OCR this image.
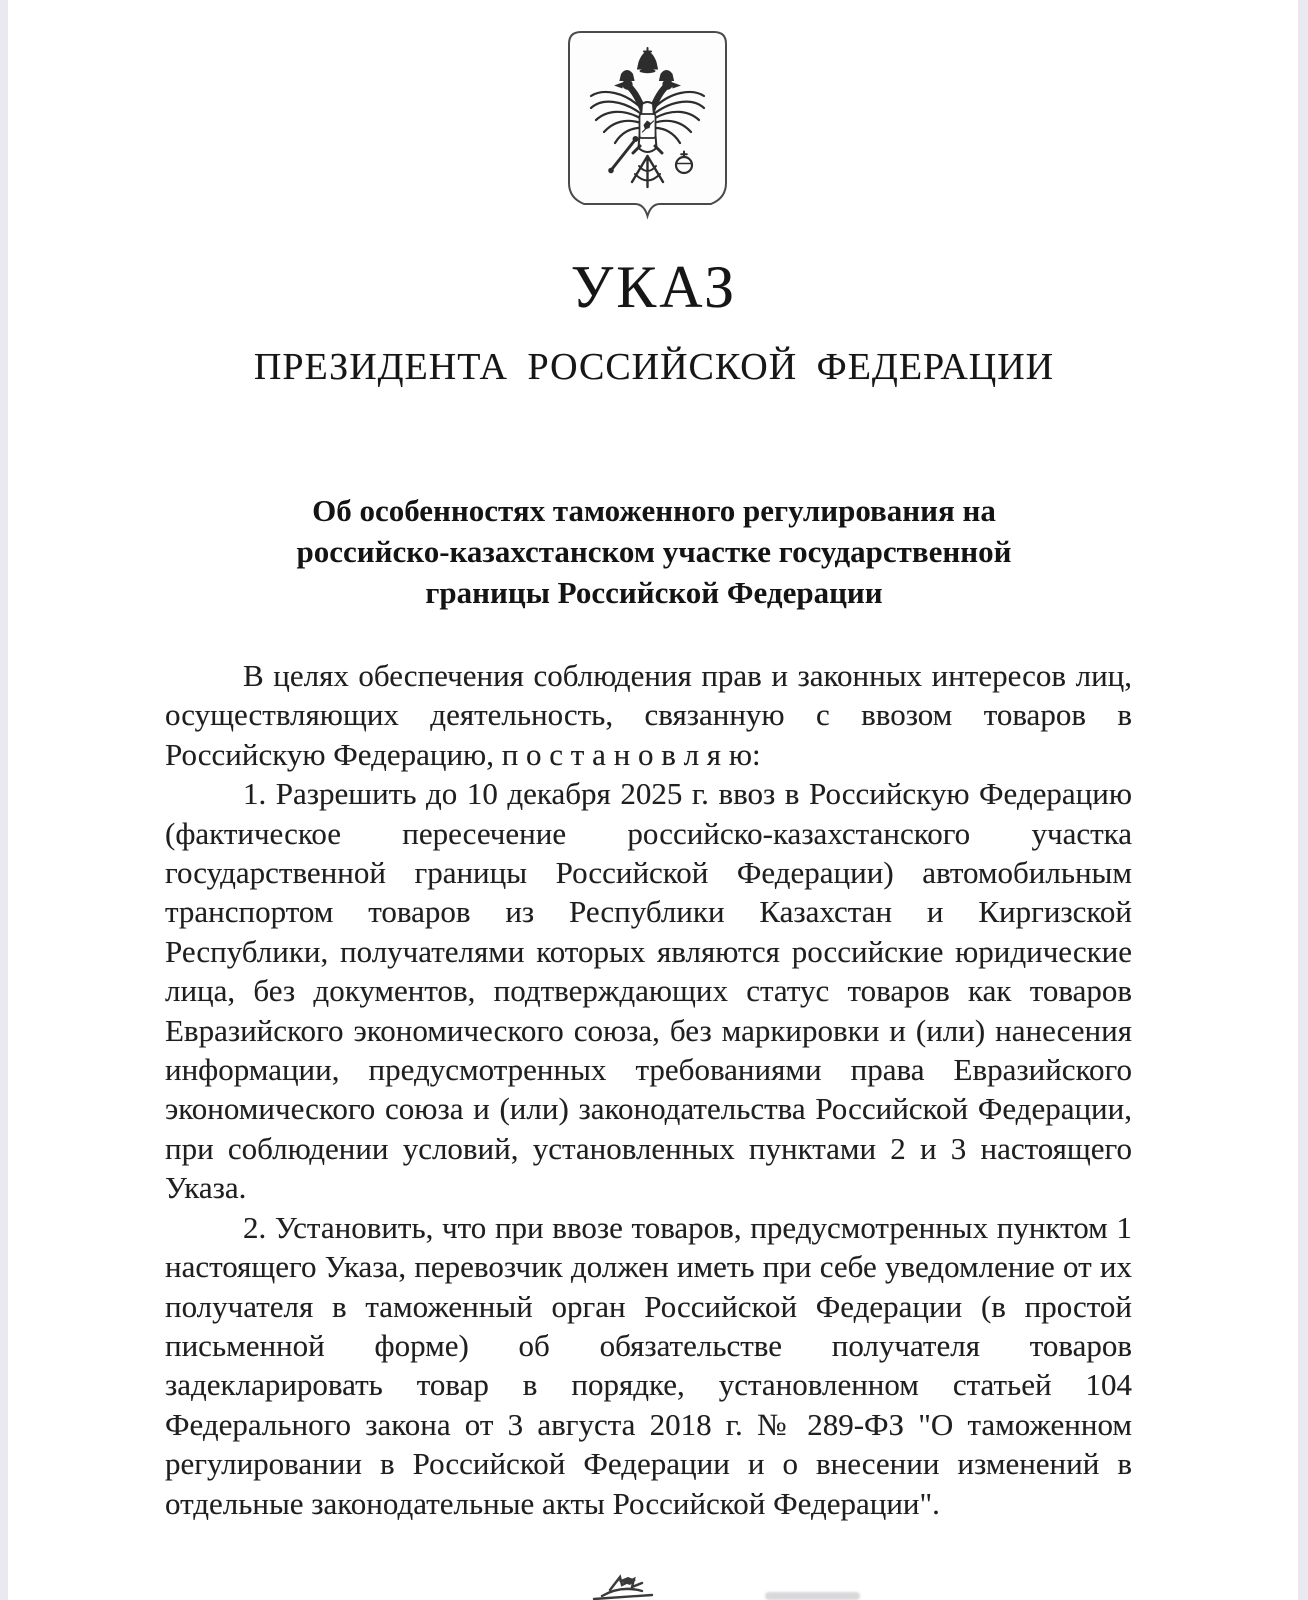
УКАЗ
ПРЕЗИДЕНТА РОССИЙСКОЙ ФЕДЕРАЦИИ
Об особенностях таможенного регулирования на
российско-казахстанском участке государственной
границы Российской Федерации

В целях обеспечения соблюдения прав и законных интересов лиц, осуществляющих деятельность, связанную с ввозом товаров в Российскую Федерацию, п о с т а н о в л я ю:

1. Разрешить до 10 декабря 2025 г. ввоз в Российскую Федерацию (фактическое пересечение российско-казахстанского участка государственной границы Российской Федерации) автомобильным транспортом товаров из Республики Казахстан и Киргизской Республики, получателями которых являются российские юридические лица, без документов, подтверждающих статус товаров как товаров Евразийского экономического союза, без маркировки и (или) нанесения информации, предусмотренных требованиями права Евразийского экономического союза и (или) законодательства Российской Федерации, при соблюдении условий, установленных пунктами 2 и 3 настоящего Указа.

2. Установить, что при ввозе товаров, предусмотренных пунктом 1 настоящего Указа, перевозчик должен иметь при себе уведомление от их получателя в таможенный орган Российской Федерации (в простой письменной форме) об обязательстве получателя товаров задекларировать товар в порядке, установленном статьей 104 Федерального закона от 3 августа 2018 г. № 289-ФЗ "О таможенном регулировании в Российской Федерации и о внесении изменений в отдельные законодательные акты Российской Федерации".
